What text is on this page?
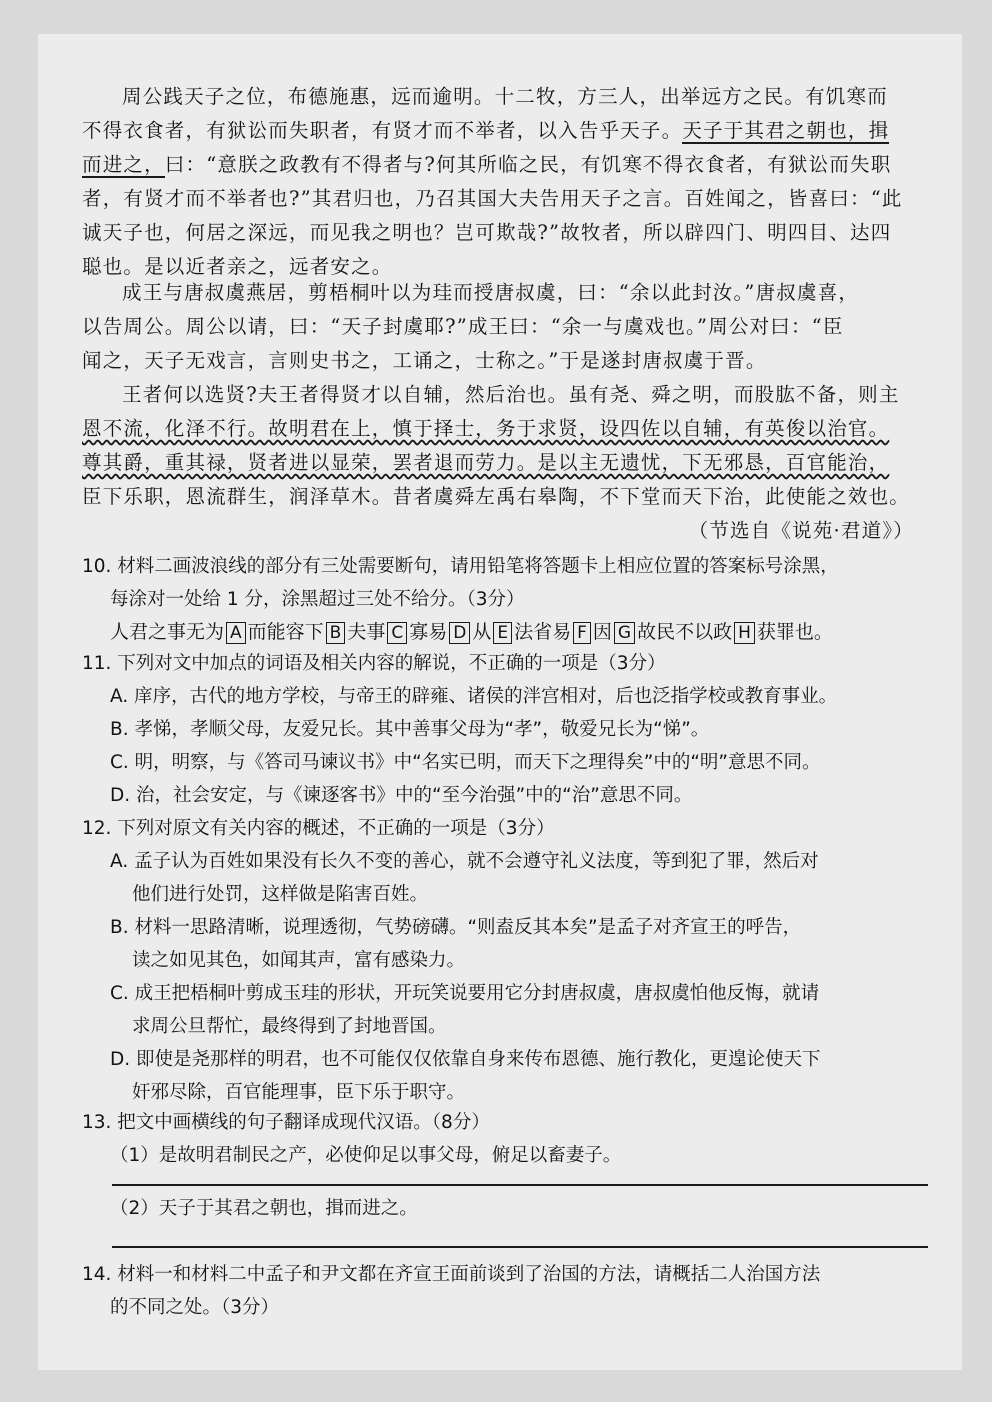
周公践天子之位，布德施惠，远而逾明。十二牧，方三人，出举远方之民。有饥寒而
不得衣食者，有狱讼而失职者，有贤才而不举者，以入告乎天子。天子于其君之朝也，揖
而进之，曰：“意朕之政教有不得者与?何其所临之民，有饥寒不得衣食者，有狱讼而失职
者，有贤才而不举者也?”其君归也，乃召其国大夫告用天子之言。百姓闻之，皆喜曰：“此
诚天子也，何居之深远，而见我之明也？岂可欺哉?”故牧者，所以辟四门、明四目、达四
聪也。是以近者亲之，远者安之。
成王与唐叔虞燕居，剪梧桐叶以为珪而授唐叔虞，曰：“余以此封汝。”唐叔虞喜，
以告周公。周公以请，曰：“天子封虞耶?”成王曰：“余一与虞戏也。”周公对曰：“臣
闻之，天子无戏言，言则史书之，工诵之，士称之。”于是遂封唐叔虞于晋。
王者何以选贤?夫王者得贤才以自辅，然后治也。虽有尧、舜之明，而股肱不备，则主
恩不流，化泽不行。故明君在上，慎于择士，务于求贤，设四佐以自辅，有英俊以治官。
尊其爵，重其禄，贤者进以显荣，罢者退而劳力。是以主无遗忧，下无邪恳，百官能治，
臣下乐职，恩流群生，润泽草木。昔者虞舜左禹右皋陶，不下堂而天下治，此使能之效也。
（节选自《说苑·君道》）
10. 材料二画波浪线的部分有三处需要断句，请用铅笔将答题卡上相应位置的答案标号涂黑，
每涂对一处给 1 分，涂黑超过三处不给分。（3分）
人君之事无为 A 而能容下 B 夫事 C 寡易 D 从 E 法省易 F 因 G 故民不以政 H 获罪也。
11. 下列对文中加点的词语及相关内容的解说，不正确的一项是（3分）
A. 庠序，古代的地方学校，与帝王的辟雍、诸侯的泮宫相对，后也泛指学校或教育事业。
B. 孝悌，孝顺父母，友爱兄长。其中善事父母为“孝”，敬爱兄长为“悌”。
C. 明，明察，与《答司马谏议书》中“名实已明，而天下之理得矣”中的“明”意思不同。
D. 治，社会安定，与《谏逐客书》中的“至今治强”中的“治”意思不同。
12. 下列对原文有关内容的概述，不正确的一项是（3分）
A. 孟子认为百姓如果没有长久不变的善心，就不会遵守礼义法度，等到犯了罪，然后对
他们进行处罚，这样做是陷害百姓。
B. 材料一思路清晰，说理透彻，气势磅礴。“则盍反其本矣”是孟子对齐宣王的呼告，
读之如见其色，如闻其声，富有感染力。
C. 成王把梧桐叶剪成玉珪的形状，开玩笑说要用它分封唐叔虞，唐叔虞怕他反悔，就请
求周公旦帮忙，最终得到了封地晋国。
D. 即使是尧那样的明君，也不可能仅仅依靠自身来传布恩德、施行教化，更遑论使天下
奸邪尽除，百官能理事，臣下乐于职守。
13. 把文中画横线的句子翻译成现代汉语。（8分）
（1）是故明君制民之产，必使仰足以事父母，俯足以畜妻子。
（2）天子于其君之朝也，揖而进之。
14. 材料一和材料二中孟子和尹文都在齐宣王面前谈到了治国的方法，请概括二人治国方法
的不同之处。（3分）
